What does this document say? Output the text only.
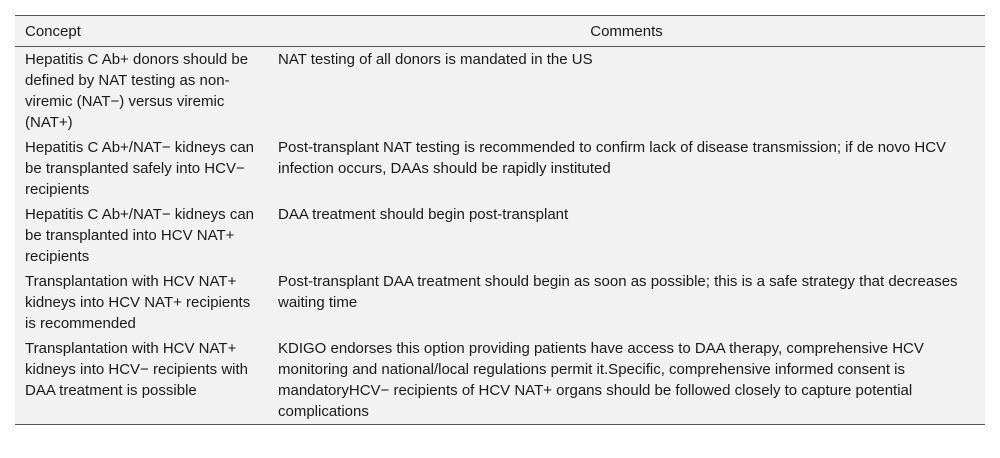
Concept	Comments
Hepatitis C Ab+ donors should be defined by NAT testing as non-viremic (NAT−) versus viremic (NAT+)	NAT testing of all donors is mandated in the US
Hepatitis C Ab+/NAT− kidneys can be transplanted safely into HCV− recipients	Post-transplant NAT testing is recommended to confirm lack of disease transmission; if de novo HCV infection occurs, DAAs should be rapidly instituted
Hepatitis C Ab+/NAT− kidneys can be transplanted into HCV NAT+ recipients	DAA treatment should begin post-transplant
Transplantation with HCV NAT+ kidneys into HCV NAT+ recipients is recommended	Post-transplant DAA treatment should begin as soon as possible; this is a safe strategy that decreases waiting time
Transplantation with HCV NAT+ kidneys into HCV− recipients with DAA treatment is possible	KDIGO endorses this option providing patients have access to DAA therapy, comprehensive HCV monitoring and national/local regulations permit it.Specific, comprehensive informed consent is mandatoryHCV− recipients of HCV NAT+ organs should be followed closely to capture potential complications
